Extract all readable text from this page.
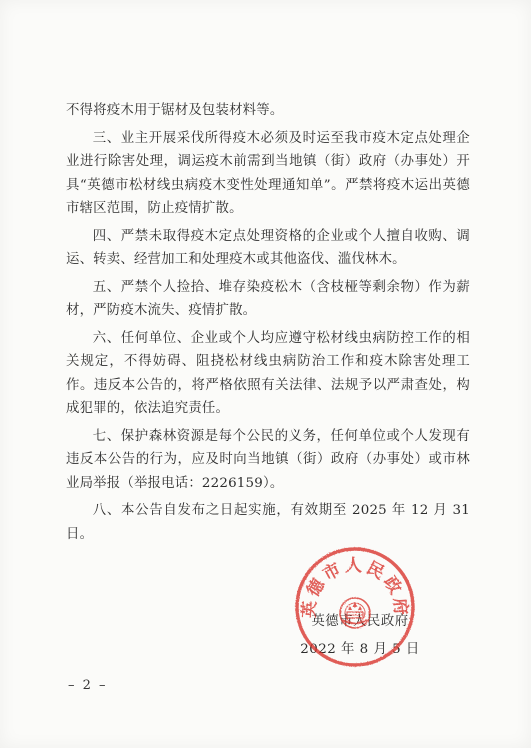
不得将疫木用于锯材及包装材料等。

三、业主开展采伐所得疫木必须及时运至我市疫木定点处理企业进行除害处理，调运疫木前需到当地镇（街）政府（办事处）开具“英德市松材线虫病疫木变性处理通知单”。严禁将疫木运出英德市辖区范围，防止疫情扩散。

四、严禁未取得疫木定点处理资格的企业或个人擅自收购、调运、转卖、经营加工和处理疫木或其他盗伐、滥伐林木。

五、严禁个人捡拾、堆存染疫松木（含枝桠等剩余物）作为薪材，严防疫木流失、疫情扩散。

六、任何单位、企业或个人均应遵守松材线虫病防控工作的相关规定，不得妨碍、阻挠松材线虫病防治工作和疫木除害处理工作。违反本公告的，将严格依照有关法律、法规予以严肃查处，构成犯罪的，依法追究责任。

七、保护森林资源是每个公民的义务，任何单位或个人发现有违反本公告的行为，应及时向当地镇（街）政府（办事处）或市林业局举报（举报电话：2226159）。

八、本公告自发布之日起实施，有效期至 2025 年 12 月 31 日。

英德市人民政府
英德市人民政府
2022 年 8 月 5 日
– 2 –
